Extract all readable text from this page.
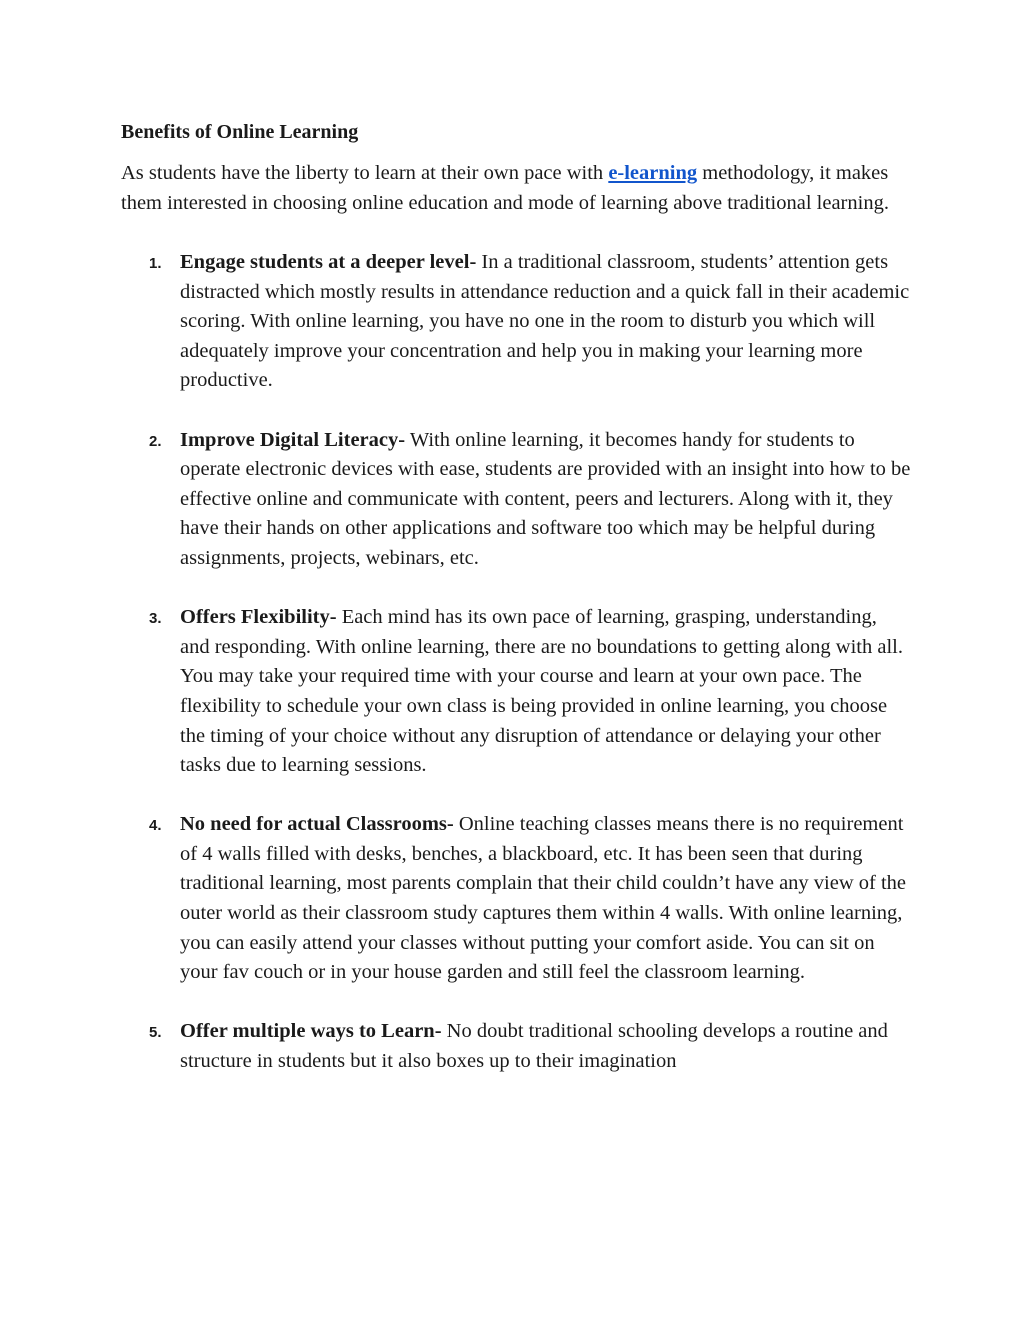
Benefits of Online Learning

As students have the liberty to learn at their own pace with e-learning methodology, it makes them interested in choosing online education and mode of learning above traditional learning.

1. Engage students at a deeper level- In a traditional classroom, students’ attention gets distracted which mostly results in attendance reduction and a quick fall in their academic scoring. With online learning, you have no one in the room to disturb you which will adequately improve your concentration and help you in making your learning more productive.
2. Improve Digital Literacy- With online learning, it becomes handy for students to operate electronic devices with ease, students are provided with an insight into how to be effective online and communicate with content, peers and lecturers. Along with it, they have their hands on other applications and software too which may be helpful during assignments, projects, webinars, etc.
3. Offers Flexibility- Each mind has its own pace of learning, grasping, understanding, and responding. With online learning, there are no boundations to getting along with all. You may take your required time with your course and learn at your own pace. The flexibility to schedule your own class is being provided in online learning, you choose the timing of your choice without any disruption of attendance or delaying your other tasks due to learning sessions.
4. No need for actual Classrooms- Online teaching classes means there is no requirement of 4 walls filled with desks, benches, a blackboard, etc. It has been seen that during traditional learning, most parents complain that their child couldn’t have any view of the outer world as their classroom study captures them within 4 walls. With online learning, you can easily attend your classes without putting your comfort aside. You can sit on your fav couch or in your house garden and still feel the classroom learning.
5. Offer multiple ways to Learn- No doubt traditional schooling develops a routine and structure in students but it also boxes up to their imagination
